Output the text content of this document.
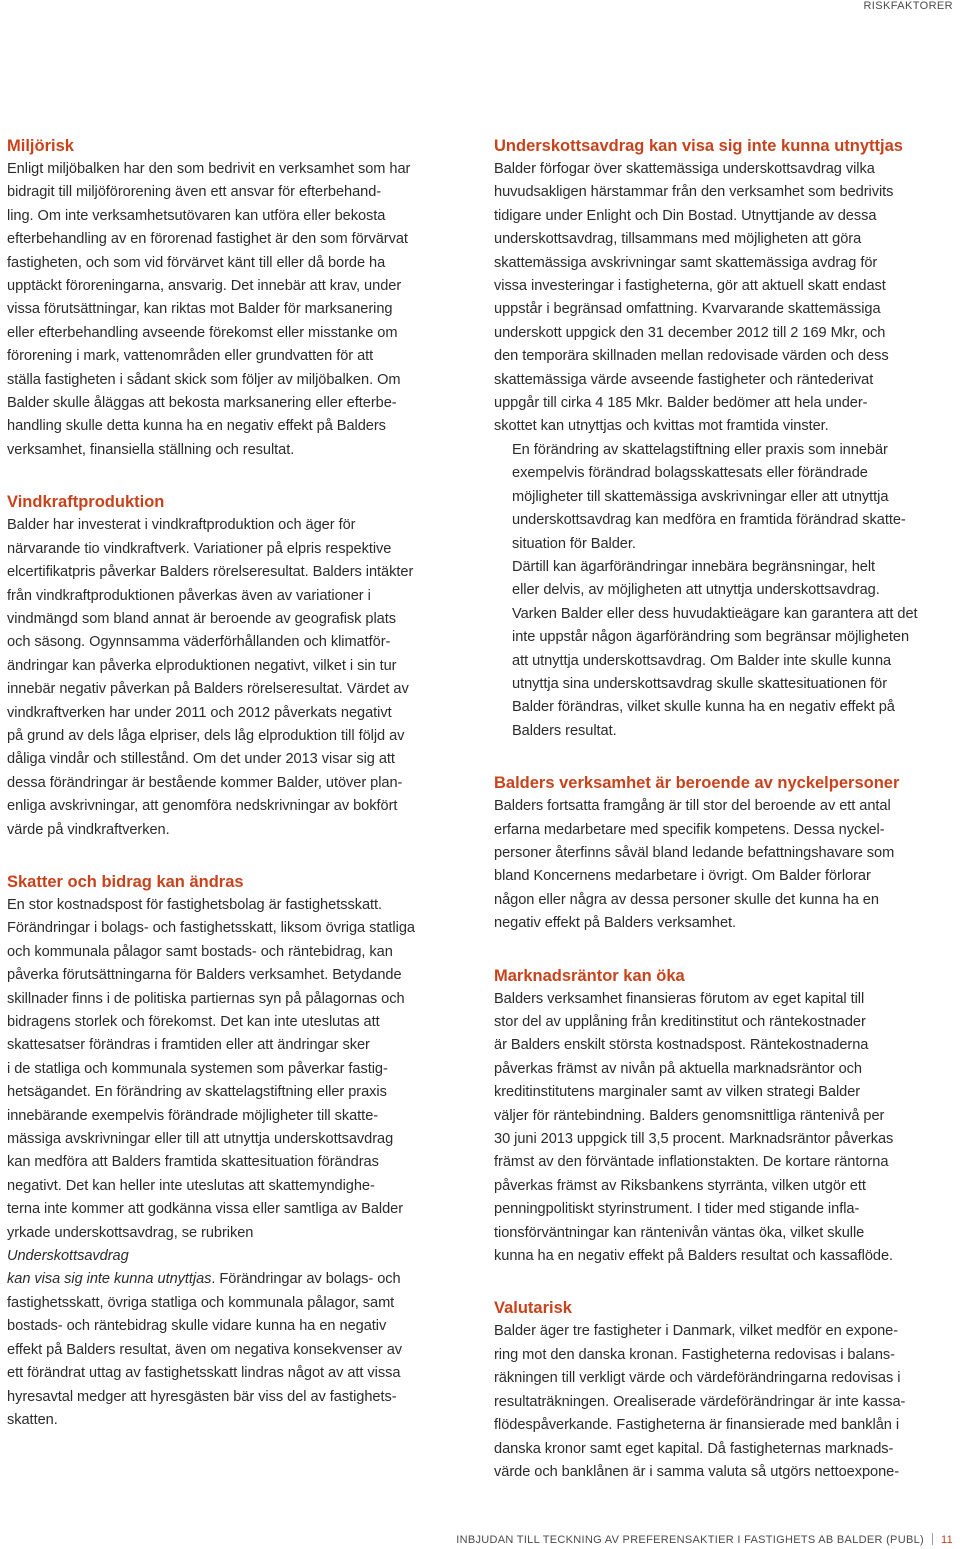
RISKFAKTORER
Miljörisk

Enligt miljöbalken har den som bedrivit en verksamhet som har
bidragit till miljöförorening även ett ansvar för efterbehand-
ling. Om inte verksamhetsutövaren kan utföra eller bekosta
efterbehandling av en förorenad fastighet är den som förvärvat
fastigheten, och som vid förvärvet känt till eller då borde ha
upptäckt föroreningarna, ansvarig. Det innebär att krav, under
vissa förutsättningar, kan riktas mot Balder för marksanering
eller efterbehandling avseende förekomst eller misstanke om
förorening i mark, vattenområden eller grundvatten för att
ställa fastigheten i sådant skick som följer av miljöbalken. Om
Balder skulle åläggas att bekosta marksanering eller efterbe-
handling skulle detta kunna ha en negativ effekt på Balders
verksamhet, finansiella ställning och resultat.

Vindkraftproduktion

Balder har investerat i vindkraftproduktion och äger för
närvarande tio vindkraftverk. Variationer på elpris respektive
elcertifikatpris påverkar Balders rörelseresultat. Balders intäkter
från vindkraftproduktionen påverkas även av variationer i
vindmängd som bland annat är beroende av geografisk plats
och säsong. Ogynnsamma väderförhållanden och klimatför-
ändringar kan påverka elproduktionen negativt, vilket i sin tur
innebär negativ påverkan på Balders rörelseresultat. Värdet av
vindkraftverken har under 2011 och 2012 påverkats negativt
på grund av dels låga elpriser, dels låg elproduktion till följd av
dåliga vindår och stillestånd. Om det under 2013 visar sig att
dessa förändringar är bestående kommer Balder, utöver plan-
enliga avskrivningar, att genomföra nedskrivningar av bokfört
värde på vindkraftverken.

Skatter och bidrag kan ändras

En stor kostnadspost för fastighetsbolag är fastighetsskatt.
Förändringar i bolags- och fastighetsskatt, liksom övriga statliga
och kommunala pålagor samt bostads- och räntebidrag, kan
påverka förutsättningarna för Balders verksamhet. Betydande
skillnader finns i de politiska partiernas syn på pålagornas och
bidragens storlek och förekomst. Det kan inte uteslutas att
skattesatser förändras i framtiden eller att ändringar sker
i de statliga och kommunala systemen som påverkar fastig-
hetsägandet. En förändring av skattelagstiftning eller praxis
innebärande exempelvis förändrade möjligheter till skatte-
mässiga avskrivningar eller till att utnyttja underskottsavdrag
kan medföra att Balders framtida skattesituation förändras
negativt. Det kan heller inte uteslutas att skattemyndighe-
terna inte kommer att godkänna vissa eller samtliga av Balder
yrkade underskottsavdrag, se rubriken
Underskottsavdrag
kan visa sig inte kunna utnyttjas. Förändringar av bolags- och
fastighetsskatt, övriga statliga och kommunala pålagor, samt
bostads- och räntebidrag skulle vidare kunna ha en negativ
effekt på Balders resultat, även om negativa konsekvenser av
ett förändrat uttag av fastighetsskatt lindras något av att vissa
hyresavtal medger att hyresgästen bär viss del av fastighets-
skatten.

Underskottsavdrag kan visa sig inte kunna utnyttjas

Balder förfogar över skattemässiga underskottsavdrag vilka
huvudsakligen härstammar från den verksamhet som bedrivits
tidigare under Enlight och Din Bostad. Utnyttjande av dessa
underskottsavdrag, tillsammans med möjligheten att göra
skattemässiga avskrivningar samt skattemässiga avdrag för
vissa investeringar i fastigheterna, gör att aktuell skatt endast
uppstår i begränsad omfattning. Kvarvarande skattemässiga
underskott uppgick den 31 december 2012 till 2 169 Mkr, och
den temporära skillnaden mellan redovisade värden och dess
skattemässiga värde avseende fastigheter och räntederivat
uppgår till cirka 4 185 Mkr. Balder bedömer att hela under-
skottet kan utnyttjas och kvittas mot framtida vinster.

En förändring av skattelagstiftning eller praxis som innebär
exempelvis förändrad bolagsskattesats eller förändrade
möjligheter till skattemässiga avskrivningar eller att utnyttja
underskottsavdrag kan medföra en framtida förändrad skatte-
situation för Balder.

Därtill kan ägarförändringar innebära begränsningar, helt
eller delvis, av möjligheten att utnyttja underskottsavdrag.
Varken Balder eller dess huvudaktieägare kan garantera att det
inte uppstår någon ägarförändring som begränsar möjligheten
att utnyttja underskottsavdrag. Om Balder inte skulle kunna
utnyttja sina underskottsavdrag skulle skattesituationen för
Balder förändras, vilket skulle kunna ha en negativ effekt på
Balders resultat.

Balders verksamhet är beroende av nyckelpersoner

Balders fortsatta framgång är till stor del beroende av ett antal
erfarna medarbetare med specifik kompetens. Dessa nyckel-
personer återfinns såväl bland ledande befattningshavare som
bland Koncernens medarbetare i övrigt. Om Balder förlorar
någon eller några av dessa personer skulle det kunna ha en
negativ effekt på Balders verksamhet.

Marknadsräntor kan öka

Balders verksamhet finansieras förutom av eget kapital till
stor del av upplåning från kreditinstitut och räntekostnader
är Balders enskilt största kostnadspost. Räntekostnaderna
påverkas främst av nivån på aktuella marknadsräntor och
kreditinstitutens marginaler samt av vilken strategi Balder
väljer för räntebindning. Balders genomsnittliga räntenivå per
30 juni 2013 uppgick till 3,5 procent. Marknadsräntor påverkas
främst av den förväntade inflationstakten. De kortare räntorna
påverkas främst av Riksbankens styrränta, vilken utgör ett
penningpolitiskt styrinstrument. I tider med stigande infla-
tionsförväntningar kan räntenivån väntas öka, vilket skulle
kunna ha en negativ effekt på Balders resultat och kassaflöde.

Valutarisk

Balder äger tre fastigheter i Danmark, vilket medför en expone-
ring mot den danska kronan. Fastigheterna redovisas i balans-
räkningen till verkligt värde och värdeförändringarna redovisas i
resultaträkningen. Orealiserade värdeförändringar är inte kassa-
flödespåverkande. Fastigheterna är finansierade med banklån i
danska kronor samt eget kapital. Då fastigheternas marknads-
värde och banklånen är i samma valuta så utgörs nettoexpone-

INBJUDAN TILL TECKNING AV PREFERENSAKTIER I FASTIGHETS AB BALDER (PUBL) 11
